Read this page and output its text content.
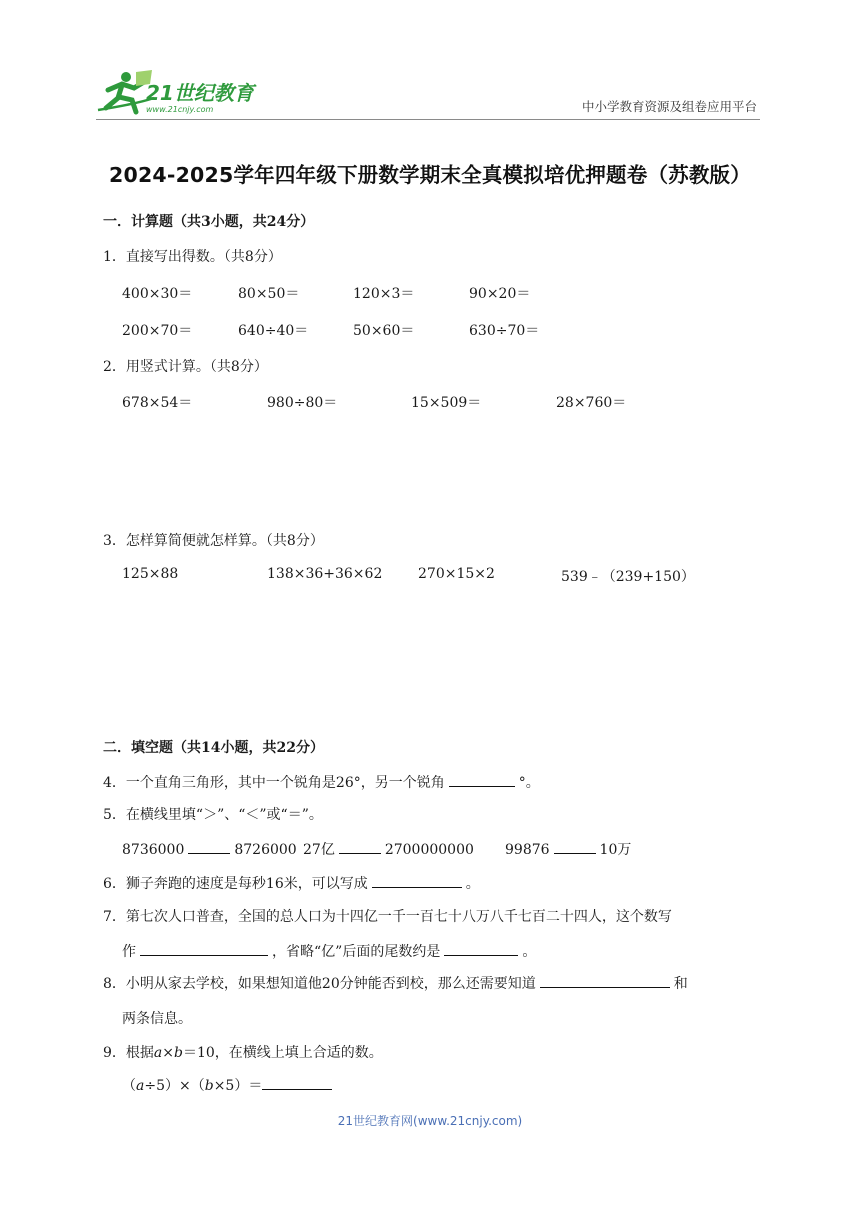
21世纪教育
www.21cnjy.com	中小学教育资源及组卷应用平台
2024-2025学年四年级下册数学期末全真模拟培优押题卷（苏教版）
一．计算题（共3小题，共24分）
1．直接写出得数。（共8分）
400×30＝	80×50＝	120×3＝	90×20＝
200×70＝	640÷40＝	50×60＝	630÷70＝
2．用竖式计算。（共8分）
678×54＝	980÷80＝	15×509＝	28×760＝
3．怎样算简便就怎样算。（共8分）
125×88	138×36+36×62	270×15×2	539﹣（239+150）
二．填空题（共14小题，共22分）
4．一个直角三角形，其中一个锐角是26°，另一个锐角	°。
5．在横线里填“＞”、“＜”或“＝”。
8736000	8726000 27亿	2700000000 99876	10万
6．狮子奔跑的速度是每秒16米，可以写成	。
7．第七次人口普查，全国的总人口为十四亿一千一百七十八万八千七百二十四人，这个数写
作	，省略“亿”后面的尾数约是	。
8．小明从家去学校，如果想知道他20分钟能否到校，那么还需要知道	和
两条信息。
9．根据a×b＝10，在横线上填上合适的数。
（a÷5）×（b×5）＝
21世纪教育网(www.21cnjy.com)
